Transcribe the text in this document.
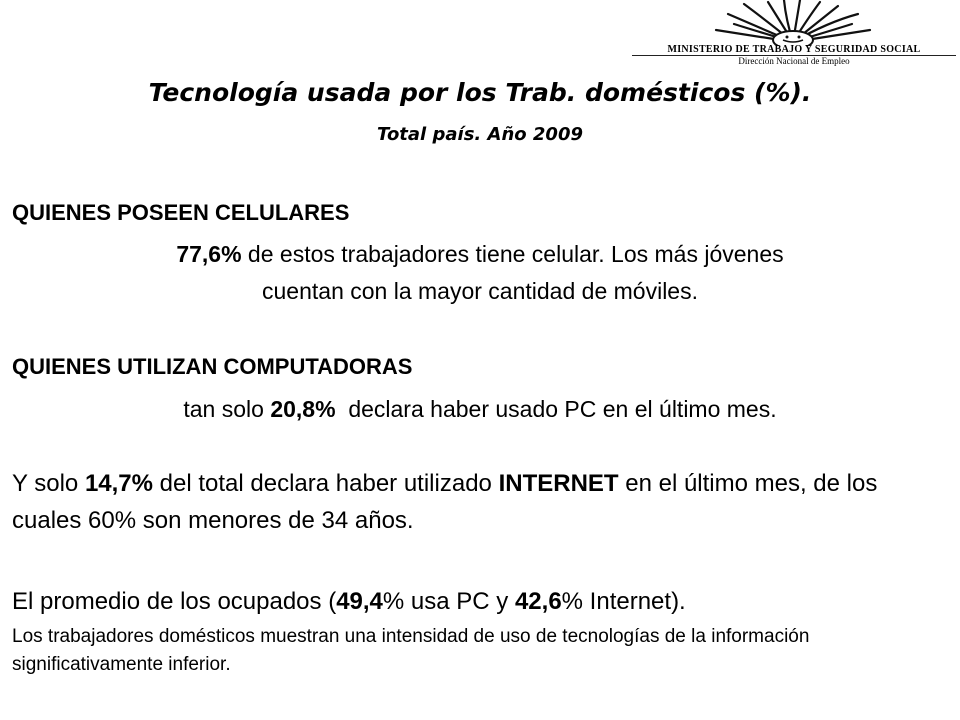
MINISTERIO DE TRABAJO Y SEGURIDAD SOCIAL
Dirección Nacional de Empleo
Tecnología usada por los Trab. domésticos (%).
Total país. Año 2009
QUIENES POSEEN CELULARES
77,6% de estos trabajadores tiene celular. Los más jóvenes
cuentan con la mayor cantidad de móviles.
QUIENES UTILIZAN COMPUTADORAS
tan solo 20,8%  declara haber usado PC en el último mes.
Y solo 14,7% del total declara haber utilizado INTERNET en el último mes, de los cuales 60% son menores de 34 años.
El promedio de los ocupados (49,4% usa PC y 42,6% Internet).
Los trabajadores domésticos muestran una intensidad de uso de tecnologías de la información significativamente inferior.
